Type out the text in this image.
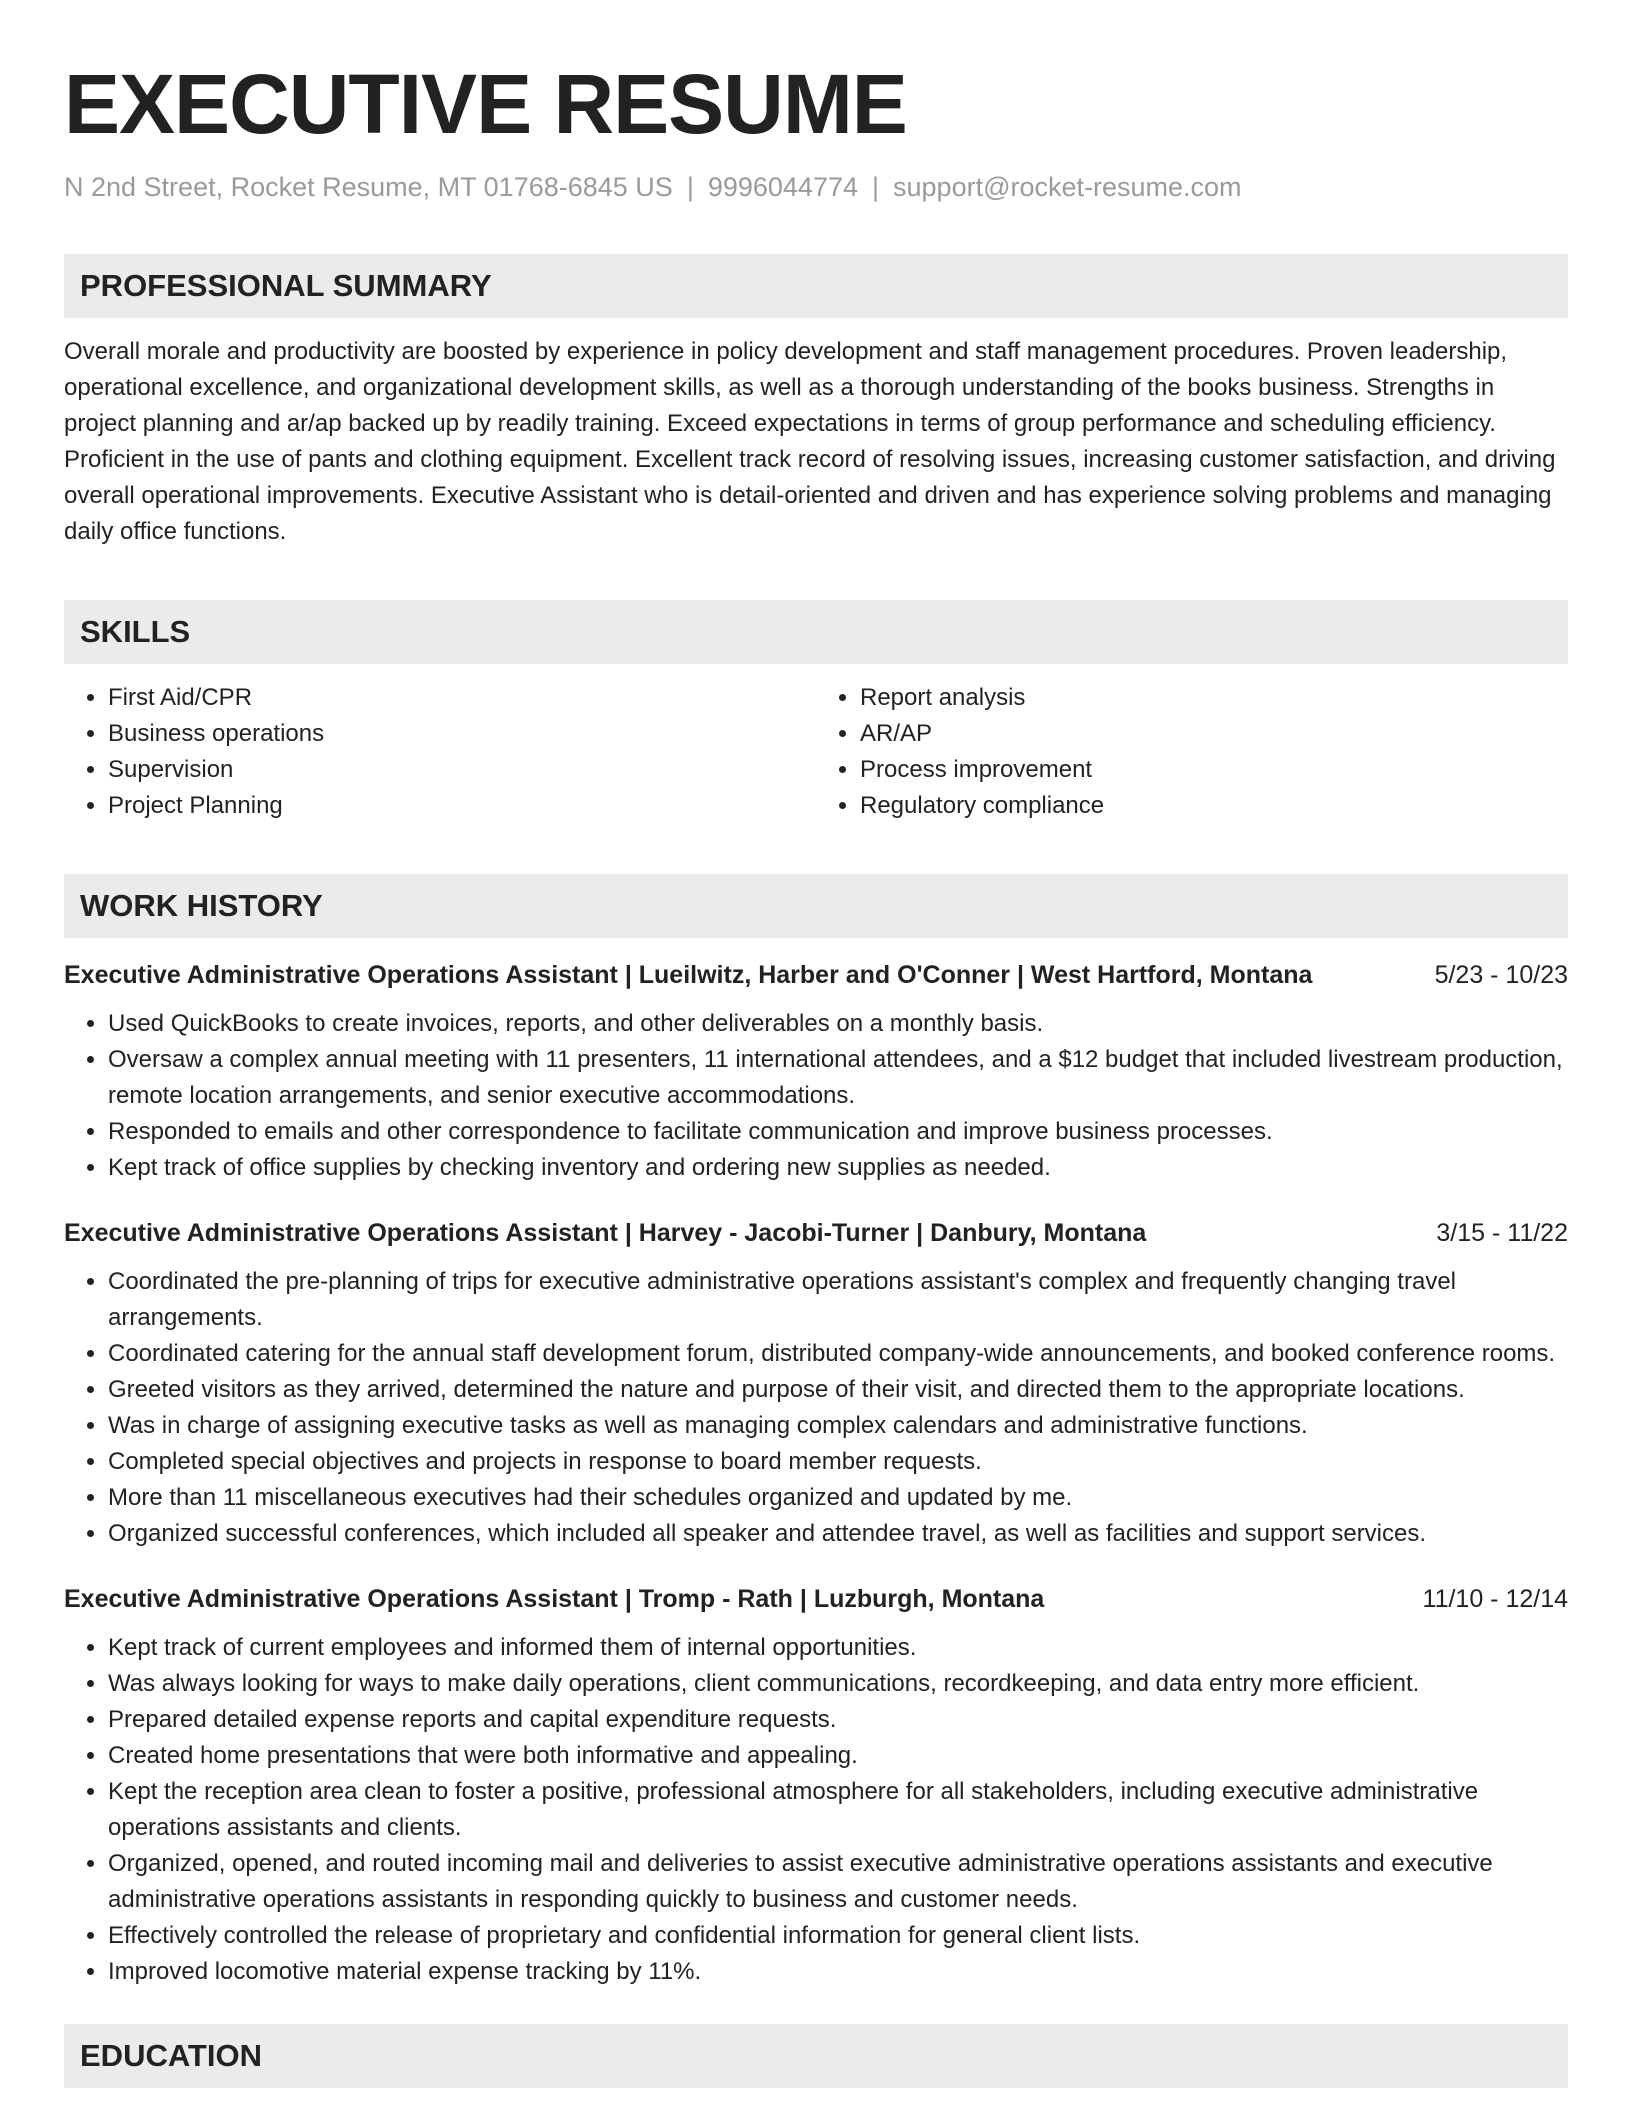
EXECUTIVE RESUME
N 2nd Street, Rocket Resume, MT 01768-6845 US | 9996044774 | support@rocket-resume.com
PROFESSIONAL SUMMARY
Overall morale and productivity are boosted by experience in policy development and staff management procedures. Proven leadership, operational excellence, and organizational development skills, as well as a thorough understanding of the books business. Strengths in project planning and ar/ap backed up by readily training. Exceed expectations in terms of group performance and scheduling efficiency. Proficient in the use of pants and clothing equipment. Excellent track record of resolving issues, increasing customer satisfaction, and driving overall operational improvements. Executive Assistant who is detail-oriented and driven and has experience solving problems and managing daily office functions.
SKILLS
• First Aid/CPR
• Business operations
• Supervision
• Project Planning
• Report analysis
• AR/AP
• Process improvement
• Regulatory compliance
WORK HISTORY
Executive Administrative Operations Assistant | Lueilwitz, Harber and O'Conner | West Hartford, Montana	5/23 - 10/23
• Used QuickBooks to create invoices, reports, and other deliverables on a monthly basis.
• Oversaw a complex annual meeting with 11 presenters, 11 international attendees, and a $12 budget that included livestream production, remote location arrangements, and senior executive accommodations.
• Responded to emails and other correspondence to facilitate communication and improve business processes.
• Kept track of office supplies by checking inventory and ordering new supplies as needed.
Executive Administrative Operations Assistant | Harvey - Jacobi-Turner | Danbury, Montana	3/15 - 11/22
• Coordinated the pre-planning of trips for executive administrative operations assistant's complex and frequently changing travel arrangements.
• Coordinated catering for the annual staff development forum, distributed company-wide announcements, and booked conference rooms.
• Greeted visitors as they arrived, determined the nature and purpose of their visit, and directed them to the appropriate locations.
• Was in charge of assigning executive tasks as well as managing complex calendars and administrative functions.
• Completed special objectives and projects in response to board member requests.
• More than 11 miscellaneous executives had their schedules organized and updated by me.
• Organized successful conferences, which included all speaker and attendee travel, as well as facilities and support services.
Executive Administrative Operations Assistant | Tromp - Rath | Luzburgh, Montana	11/10 - 12/14
• Kept track of current employees and informed them of internal opportunities.
• Was always looking for ways to make daily operations, client communications, recordkeeping, and data entry more efficient.
• Prepared detailed expense reports and capital expenditure requests.
• Created home presentations that were both informative and appealing.
• Kept the reception area clean to foster a positive, professional atmosphere for all stakeholders, including executive administrative operations assistants and clients.
• Organized, opened, and routed incoming mail and deliveries to assist executive administrative operations assistants and executive administrative operations assistants in responding quickly to business and customer needs.
• Effectively controlled the release of proprietary and confidential information for general client lists.
• Improved locomotive material expense tracking by 11%.
EDUCATION
